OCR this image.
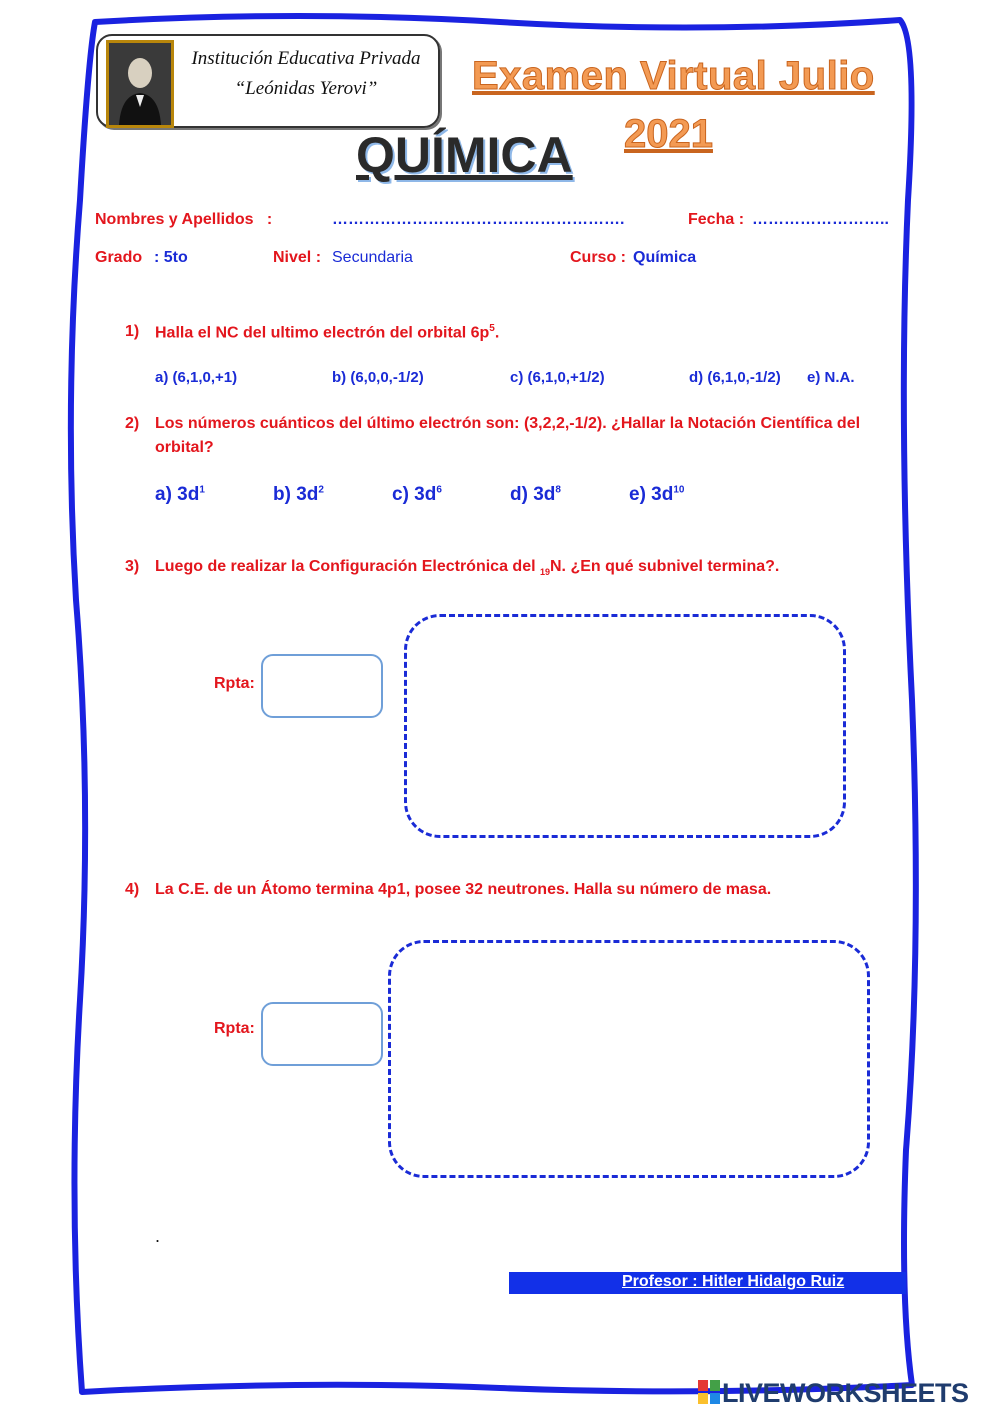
Institución Educativa Privada
“Leónidas Yerovi”	Examen Virtual Julio
2021
QUÍMICA
Nombres y Apellidos   :	……………………………………………….	Fecha : ……………………..
Grado : 5to	Nivel : Secundaria	Curso : Química
1) Halla el NC del ultimo electrón del orbital $6p^5$.
a) (6,1,0,+1)	b) (6,0,0,-1/2)	c) (6,1,0,+1/2)	d) (6,1,0,-1/2) e) N.A.
2) Los números cuánticos del último electrón son: (3,2,2,-1/2). ¿Hallar la Notación Científica del
orbital?
a) $3d^1$	b) $3d^2$	c) $3d^6$	d) $3d^8$	e) $3d^{10}$
3) Luego de realizar la Configuración Electrónica del $_{19}$N. ¿En qué subnivel termina?.
Rpta:
4) La C.E. de un Átomo termina 4p1, posee 32 neutrones. Halla su número de masa.
Rpta:
.
Profesor : Hitler Hidalgo Ruiz
LIVEWORKSHEETS
